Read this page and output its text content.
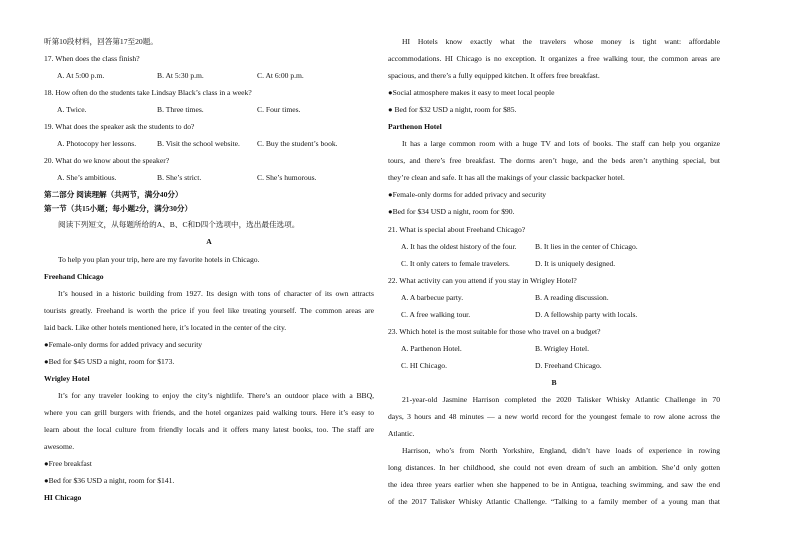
听第10段材料，回答第17至20题。
17. When does the class finish?
A. At 5:00 p.m.	B. At 5:30 p.m.	C. At 6:00 p.m.
18. How often do the students take Lindsay Black’s class in a week?
A. Twice.	B. Three times.	C. Four times.
19. What does the speaker ask the students to do?
A. Photocopy her lessons.	B. Visit the school website.	C. Buy the student’s book.
20. What do we know about the speaker?
A. She’s ambitious.	B. She’s strict.	C. She’s humorous.
第二部分 阅读理解（共两节，满分40分）
第一节（共15小题；每小题2分，满分30分）
阅读下列短文，从每题所给的A、B、C和D四个选项中，选出最佳选项。
A
To help you plan your trip, here are my favorite hotels in Chicago.
Freehand Chicago
It’s housed in a historic building from 1927. Its design with tons of character of its own attracts
tourists greatly. Freehand is worth the price if you feel like treating yourself. The common areas are
laid back. Like other hotels mentioned here, it’s located in the center of the city.
●Female-only dorms for added privacy and security
●Bed for $45 USD a night, room for $173.
Wrigley Hotel
It’s for any traveler looking to enjoy the city’s nightlife. There’s an outdoor place with a BBQ,
where you can grill burgers with friends, and the hotel organizes paid walking tours. Here it’s easy to
learn about the local culture from friendly locals and it offers many latest books, too. The staff are
awesome.
●Free breakfast
●Bed for $36 USD a night, room for $141.
HI Chicago
HI Hotels know exactly what the travelers whose money is tight want: affordable
accommodations. HI Chicago is no exception. It organizes a free walking tour, the common areas are
spacious, and there’s a fully equipped kitchen. It offers free breakfast.
●Social atmosphere makes it easy to meet local people
● Bed for $32 USD a night, room for $85.
Parthenon Hotel
It has a large common room with a huge TV and lots of books. The staff can help you organize
tours, and there’s free breakfast. The dorms aren’t huge, and the beds aren’t anything special, but
they’re clean and safe. It has all the makings of your classic backpacker hotel.
●Female-only dorms for added privacy and security
●Bed for $34 USD a night, room for $90.
21. What is special about Freehand Chicago?
A. It has the oldest history of the four.	B. It lies in the center of Chicago.
C. It only caters to female travelers.	D. It is uniquely designed.
22. What activity can you attend if you stay in Wrigley Hotel?
A. A barbecue party.	B. A reading discussion.
C. A free walking tour.	D. A fellowship party with locals.
23. Which hotel is the most suitable for those who travel on a budget?
A. Parthenon Hotel.	B. Wrigley Hotel.
C. HI Chicago.	D. Freehand Chicago.
B
21-year-old Jasmine Harrison completed the 2020 Talisker Whisky Atlantic Challenge in 70
days, 3 hours and 48 minutes — a new world record for the youngest female to row alone across the
Atlantic.
Harrison, who’s from North Yorkshire, England, didn’t have loads of experience in rowing
long distances. In her childhood, she could not even dream of such an ambition. She’d only gotten
the idea three years earlier when she happened to be in Antigua, teaching swimming, and saw the end
of the 2017 Talisker Whisky Atlantic Challenge. “Talking to a family member of a young man that
